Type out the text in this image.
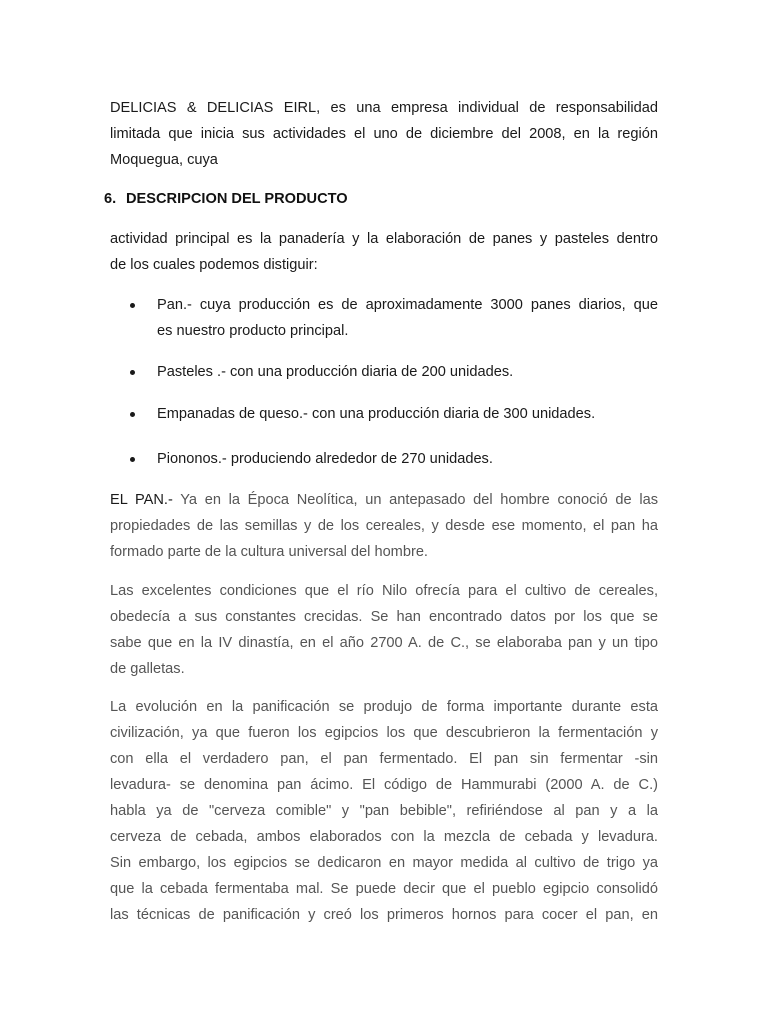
DELICIAS & DELICIAS EIRL, es una empresa individual de responsabilidad
limitada que inicia sus actividades el uno de diciembre del 2008, en la región
Moquegua, cuya
6. DESCRIPCION DEL PRODUCTO
actividad principal es la panadería y la elaboración de panes y pasteles dentro
de los cuales podemos distiguir:
Pan.- cuya producción es de aproximadamente 3000 panes diarios, que
es nuestro producto principal.
Pasteles .- con una producción diaria de 200 unidades.
Empanadas de queso.- con una producción diaria de 300 unidades.
Piononos.- produciendo alrededor de 270 unidades.
EL PAN.- Ya en la Época Neolítica, un antepasado del hombre conoció de las
propiedades de las semillas y de los cereales, y desde ese momento, el pan ha
formado parte de la cultura universal del hombre.
Las excelentes condiciones que el río Nilo ofrecía para el cultivo de cereales,
obedecía a sus constantes crecidas. Se han encontrado datos por los que se
sabe que en la IV dinastía, en el año 2700 A. de C., se elaboraba pan y un tipo
de galletas.
La evolución en la panificación se produjo de forma importante durante esta
civilización, ya que fueron los egipcios los que descubrieron la fermentación y
con ella el verdadero pan, el pan fermentado. El pan sin fermentar -sin
levadura- se denomina pan ácimo. El código de Hammurabi (2000 A. de C.)
habla ya de "cerveza comible" y "pan bebible", refiriéndose al pan y a la
cerveza de cebada, ambos elaborados con la mezcla de cebada y levadura.
Sin embargo, los egipcios se dedicaron en mayor medida al cultivo de trigo ya
que la cebada fermentaba mal. Se puede decir que el pueblo egipcio consolidó
las técnicas de panificación y creó los primeros hornos para cocer el pan, en
